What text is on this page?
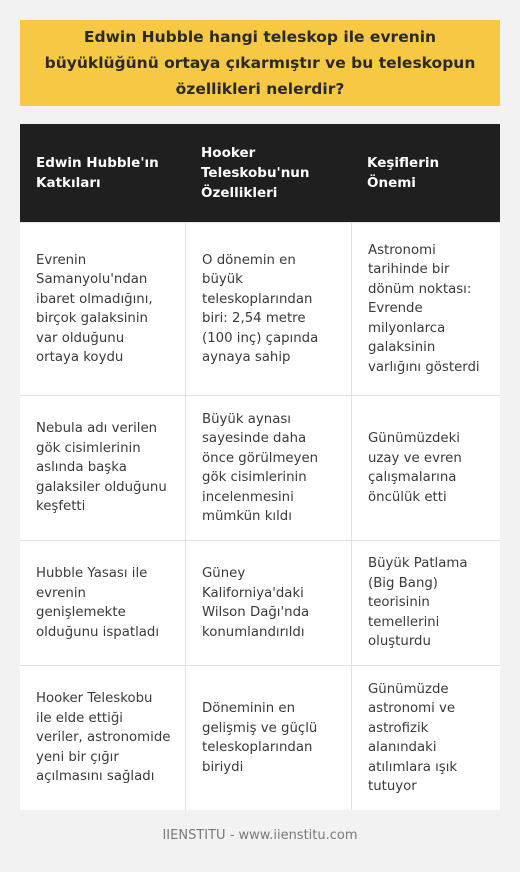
Edwin Hubble hangi teleskop ile evrenin büyüklüğünü ortaya çıkarmıştır ve bu teleskopun özellikleri nelerdir?
Edwin Hubble'ın Katkıları
Hooker Teleskobu'nun Özellikleri
Keşiflerin Önemi
Evrenin Samanyolu'ndan ibaret olmadığını, birçok galaksinin var olduğunu ortaya koydu
O dönemin en büyük teleskoplarından biri: 2,54 metre (100 inç) çapında aynaya sahip
Astronomi tarihinde bir dönüm noktası: Evrende milyonlarca galaksinin varlığını gösterdi
Nebula adı verilen gök cisimlerinin aslında başka galaksiler olduğunu keşfetti
Büyük aynası sayesinde daha önce görülmeyen gök cisimlerinin incelenmesini mümkün kıldı
Günümüzdeki uzay ve evren çalışmalarına öncülük etti
Hubble Yasası ile evrenin genişlemekte olduğunu ispatladı
Güney Kaliforniya'daki Wilson Dağı'nda konumlandırıldı
Büyük Patlama (Big Bang) teorisinin temellerini oluşturdu
Hooker Teleskobu ile elde ettiği veriler, astronomide yeni bir çığır açılmasını sağladı
Döneminin en gelişmiş ve güçlü teleskoplarından biriydi
Günümüzde astronomi ve astrofizik alanındaki atılımlara ışık tutuyor
IIENSTITU - www.iienstitu.com
